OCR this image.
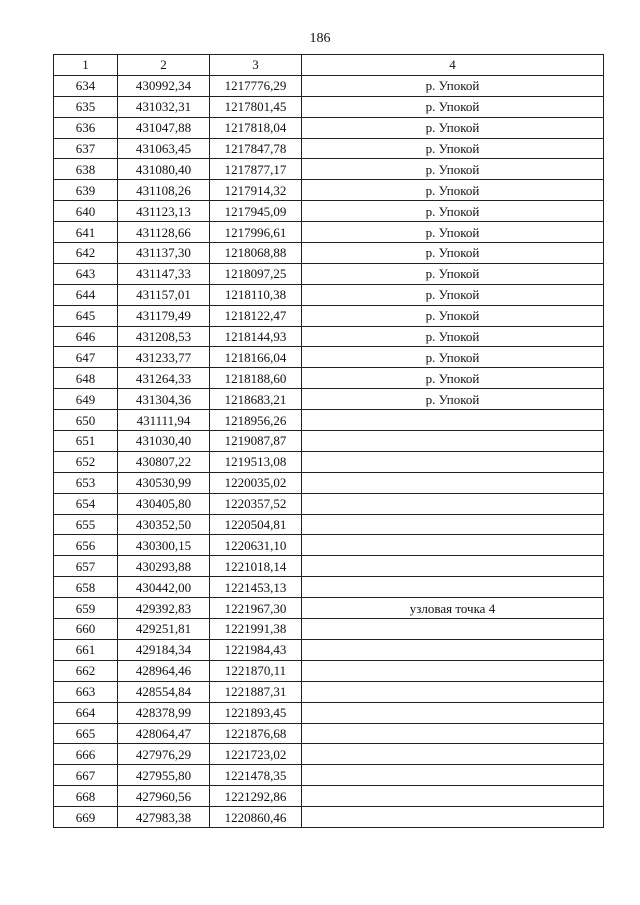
186
1	2	3	4
634	430992,34	1217776,29	р. Упокой
635	431032,31	1217801,45	р. Упокой
636	431047,88	1217818,04	р. Упокой
637	431063,45	1217847,78	р. Упокой
638	431080,40	1217877,17	р. Упокой
639	431108,26	1217914,32	р. Упокой
640	431123,13	1217945,09	р. Упокой
641	431128,66	1217996,61	р. Упокой
642	431137,30	1218068,88	р. Упокой
643	431147,33	1218097,25	р. Упокой
644	431157,01	1218110,38	р. Упокой
645	431179,49	1218122,47	р. Упокой
646	431208,53	1218144,93	р. Упокой
647	431233,77	1218166,04	р. Упокой
648	431264,33	1218188,60	р. Упокой
649	431304,36	1218683,21	р. Упокой
650	431111,94	1218956,26	
651	431030,40	1219087,87	
652	430807,22	1219513,08	
653	430530,99	1220035,02	
654	430405,80	1220357,52	
655	430352,50	1220504,81	
656	430300,15	1220631,10	
657	430293,88	1221018,14	
658	430442,00	1221453,13	
659	429392,83	1221967,30	узловая точка 4
660	429251,81	1221991,38	
661	429184,34	1221984,43	
662	428964,46	1221870,11	
663	428554,84	1221887,31	
664	428378,99	1221893,45	
665	428064,47	1221876,68	
666	427976,29	1221723,02	
667	427955,80	1221478,35	
668	427960,56	1221292,86	
669	427983,38	1220860,46	
